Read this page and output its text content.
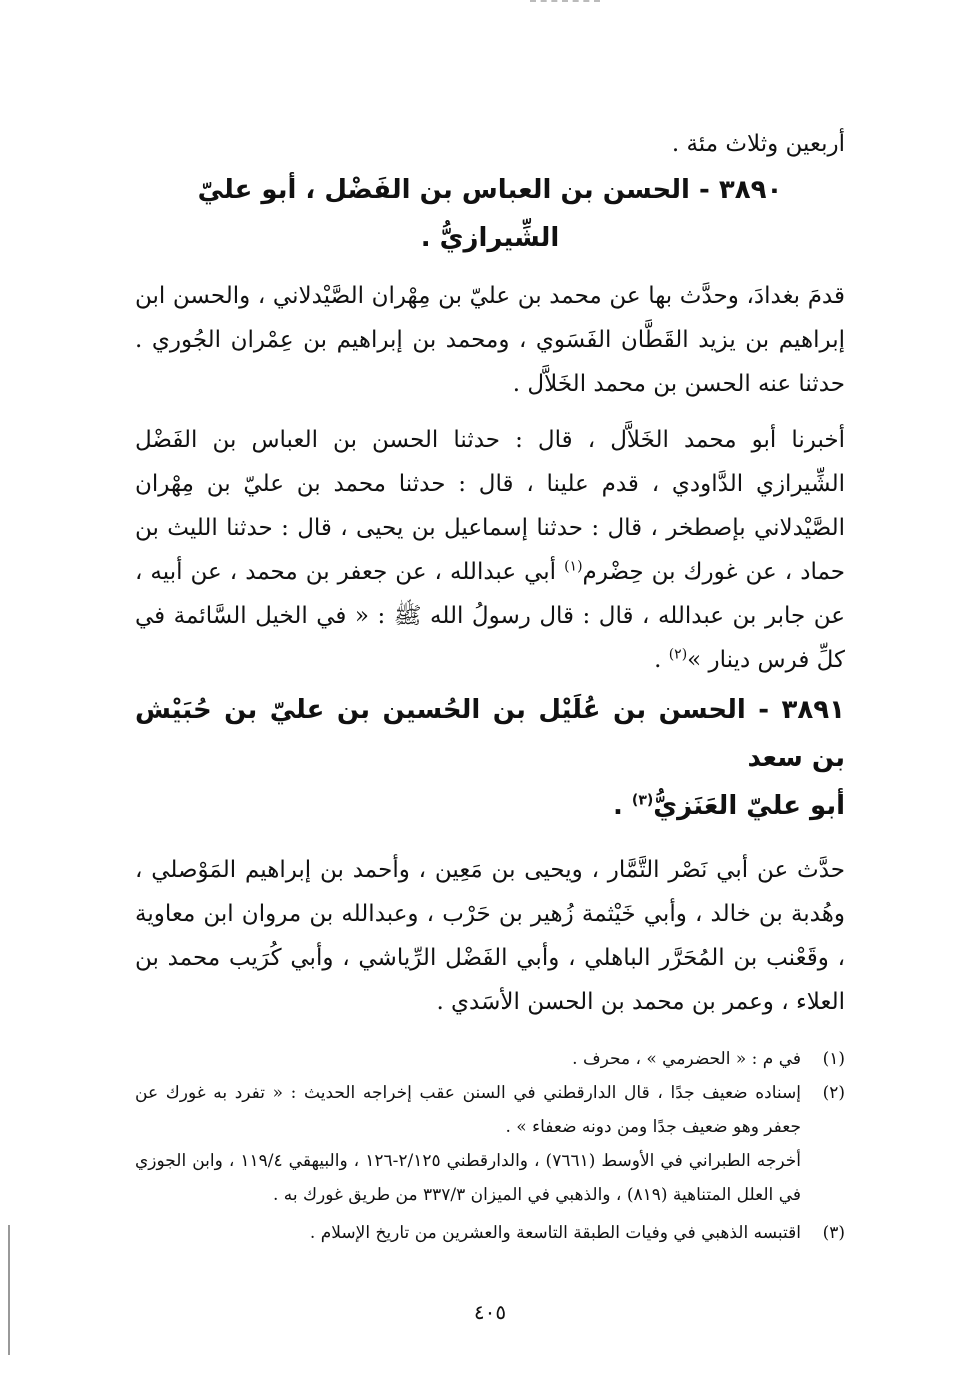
أربعين وثلاث مئة .

٣٨٩٠ - الحسن بن العباس بن الفَضْل ، أبو عليّ الشِّيرازيُّ .

قدمَ بغدادَ، وحدَّث بها عن محمد بن عليّ بن مِهْران الصَّيْدلاني ، والحسن ابن إبراهيم بن يزيد القَطَّان الفَسَوي ، ومحمد بن إبراهيم بن عِمْران الجُوري . حدثنا عنه الحسن بن محمد الخَلاَّل .

أخبرنا أبو محمد الخَلاَّل ، قال : حدثنا الحسن بن العباس بن الفَضْل الشِّيرازي الدَّاودي ، قدم علينا ، قال : حدثنا محمد بن عليّ بن مِهْران الصَّيْدلاني بإصطخر ، قال : حدثنا إسماعيل بن يحيى ، قال : حدثنا الليث بن حماد ، عن غورك بن حِضْرم$^{(١)}$ أبي عبدالله ، عن جعفر بن محمد ، عن أبيه ، عن جابر بن عبدالله ، قال : قال رسولُ الله ﷺ : « في الخيل السَّائمة في كلِّ فرس دينار »$^{(٢)}$ .

٣٨٩١ - الحسن بن عُلَيْل بن الحُسين بن عليّ بن حُبَيْش بن سعد

أبو عليّ العَنَزيُّ$^{(٣)}$ .

حدَّث عن أبي نَصْر التَّمَّار ، ويحيى بن مَعِين ، وأحمد بن إبراهيم المَوْصلي ، وهُدبة بن خالد ، وأبي خَيْثمة زُهير بن حَرْب ، وعبدالله بن مروان ابن معاوية ، وقَعْنب بن المُحَرَّر الباهلي ، وأبي الفَضْل الرِّياشي ، وأبي كُرَيب محمد بن العلاء ، وعمر بن محمد بن الحسن الأسَدي .

(١)
في م : « الحضرمي » ، محرف .
(٢)
إسناده ضعيف جدًا ، قال الدارقطني في السنن عقب إخراجه الحديث : « تفرد به غورك عن جعفر وهو ضعيف جدًا ومن دونه ضعفاء » .
أخرجه الطبراني في الأوسط (٧٦٦١) ، والدارقطني ٢/١٢٥-١٢٦ ، والبيهقي ١١٩/٤ ، وابن الجوزي في العلل المتناهية (٨١٩) ، والذهبي في الميزان ٣٣٧/٣ من طريق غورك به .
(٣)
اقتبسه الذهبي في وفيات الطبقة التاسعة والعشرين من تاريخ الإسلام .
٤٠٥
